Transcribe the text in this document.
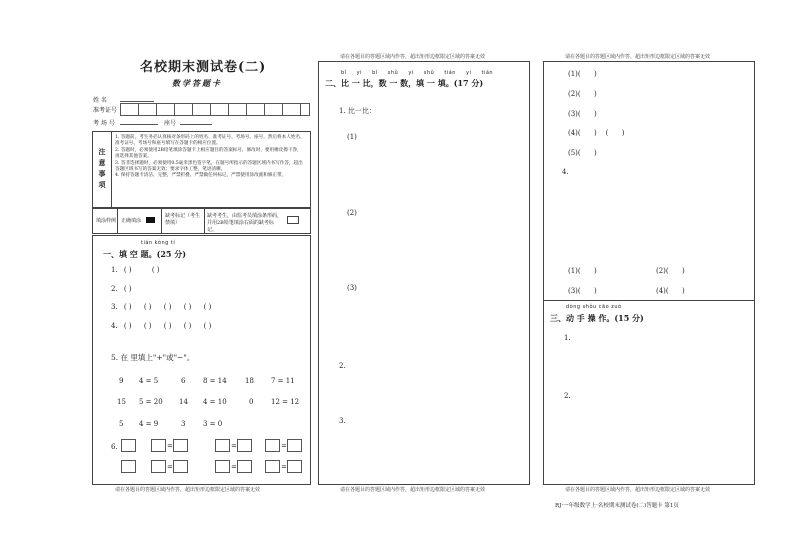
名校期末测试卷(二)
数学答题卡
姓 名
准考证号
考 场 号	座号
注意事项
1. 答题前，考生务必认真核对条形码上的姓名、准考证号、考场号、座号，然后将本人姓名、准考证号、考场号和座号填写在答题卡的相应位置。
2. 答题时，必须使用2B铅笔填涂答题卡上相应题目的答案标号，修改时，要用橡皮擦干净，再选择其他答案。
3. 答非选择题时，必须使用0.5毫米黑色签字笔，在题号所指示的答题区域内书写作答，超出答题区域书写的答案无效；要求字体工整，笔迹清晰。
4. 保持答题卡清洁、完整，严禁折叠、严禁做任何标记，严禁使用涂改液和修正带。
填涂样例 正确填涂
缺考标记（考生禁填）
缺考考生，由监考员填涂条形码，并用2B铅笔填涂右面的缺考标记。
tián kòng tí
一、填 空 题。(25 分)
1. ( )	( )
2. ( )
3. ( ) ( ) ( ) ( ) ( )
4. ( ) ( ) ( ) ( ) ( )
5. 在 里填上"+"或"−"。
9 4 = 5	6	8 = 14	18 7 = 11
15 5 = 20 14 4 = 10	0	12 = 12
5 4 = 9	3	3 = 0
6.	=	=	=
=	=	=
请在各题目的答题区域内作答，超出矩形边框限定区域的答案无效
请在各题目的答题区域内作答，超出矩形边框限定区域的答案无效
bǐ yi bǐ shǔ yi shǔ tián yi tián
二、比 一 比，数 一 数，填 一 填。(17 分)
1. 比一比：
(1)
(2)
(3)
2.
3.
请在各题目的答题区域内作答，超出矩形边框限定区域的答案无效
请在各题目的答题区域内作答，超出矩形边框限定区域的答案无效
(1)(      )
(2)(      )
(3)(      )
(4)(      )    (      )
(5)(      )
4.
(1)(      )	(2)(      )
(3)(      )	(4)(      )
dòng shǒu cāo zuò
三、动 手 操 作。(15 分)
1.
2.
请在各题目的答题区域内作答，超出矩形边框限定区域的答案无效
RJ·一年级数学上·名校期末测试卷(二)答题卡 第1页
